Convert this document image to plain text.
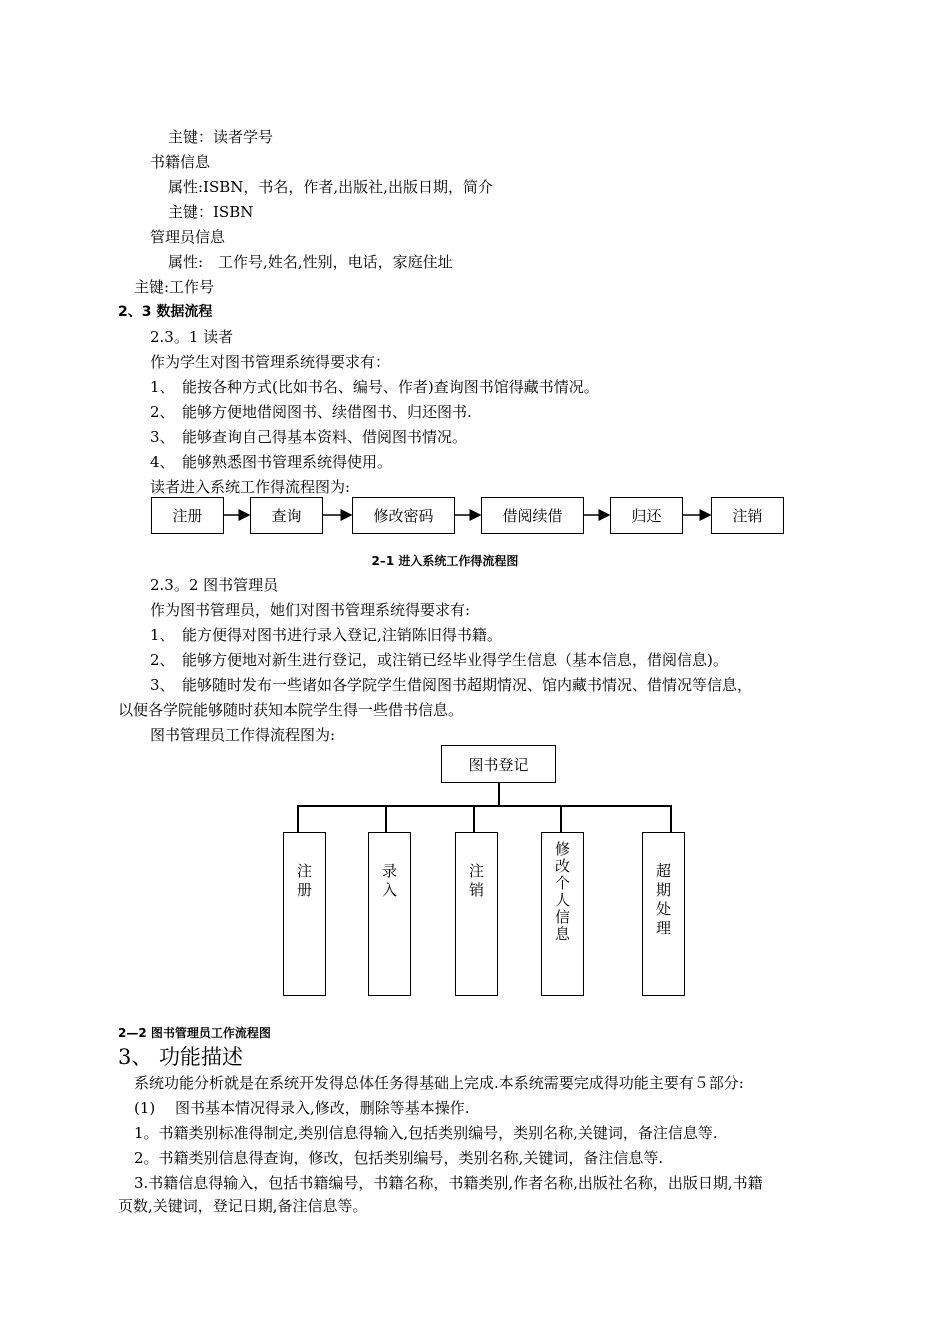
主键：读者学号
书籍信息
属性:ISBN，书名，作者,出版社,出版日期，简介
主键：ISBN
管理员信息
属性:　工作号,姓名,性别，电话，家庭住址
主键:工作号
2、3 数据流程
2.3。1 读者
作为学生对图书管理系统得要求有：
1、　能按各种方式(比如书名、编号、作者)查询图书馆得藏书情况。
2、　能够方便地借阅图书、续借图书、归还图书.
3、　能够查询自己得基本资料、借阅图书情况。
4、　能够熟悉图书管理系统得使用。
读者进入系统工作得流程图为:
注册	查询	修改密码	借阅续借	归还	注销
2–1 进入系统工作得流程图
2.3。2 图书管理员
作为图书管理员，她们对图书管理系统得要求有:
1、　能方便得对图书进行录入登记,注销陈旧得书籍。
2、　能够方便地对新生进行登记，或注销已经毕业得学生信息（基本信息，借阅信息)。
3、　能够随时发布一些诸如各学院学生借阅图书超期情况、馆内藏书情况、借情况等信息，
以便各学院能够随时获知本院学生得一些借书信息。
图书管理员工作得流程图为:
图书登记
注册	录入	注销	修改个人信息	超期处理
2—2 图书管理员工作流程图
3、 功能描述
系统功能分析就是在系统开发得总体任务得基础上完成.本系统需要完成得功能主要有５部分:
(1)　 图书基本情况得录入,修改，删除等基本操作.
1。书籍类别标准得制定,类别信息得输入,包括类别编号，类别名称,关键词，备注信息等.
2。书籍类别信息得查询，修改，包括类别编号，类别名称,关键词，备注信息等.
3.书籍信息得输入，包括书籍编号，书籍名称，书籍类别,作者名称,出版社名称，出版日期,书籍
页数,关键词，登记日期,备注信息等。
